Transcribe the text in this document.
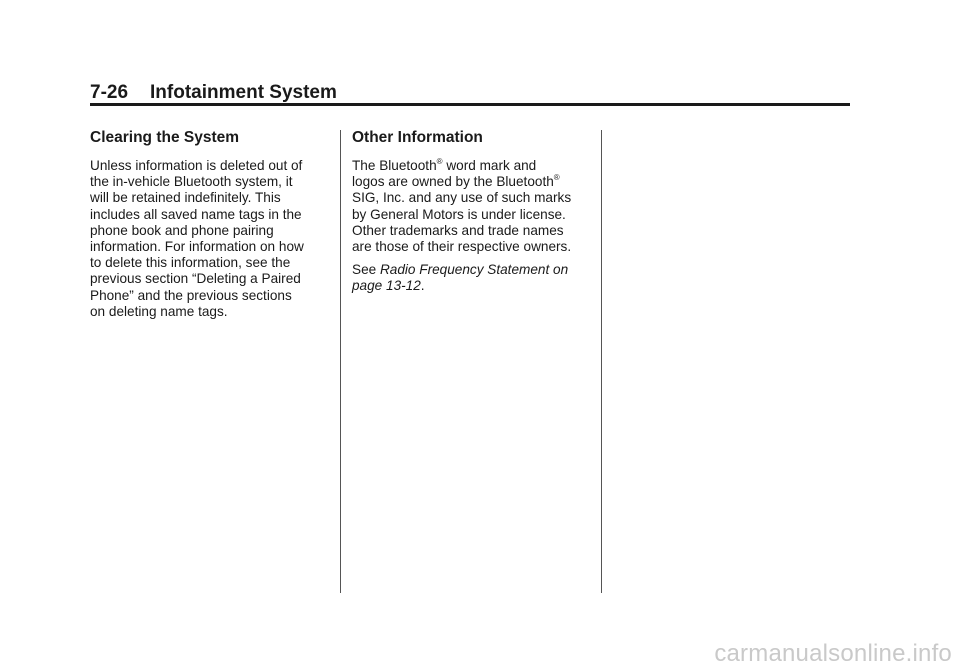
7-26 Infotainment System
Clearing the System
Unless information is deleted out of
the in-vehicle Bluetooth system, it
will be retained indefinitely. This
includes all saved name tags in the
phone book and phone pairing
information. For information on how
to delete this information, see the
previous section “Deleting a Paired
Phone” and the previous sections
on deleting name tags.
Other Information
The Bluetooth® word mark and
logos are owned by the Bluetooth®
SIG, Inc. and any use of such marks
by General Motors is under license.
Other trademarks and trade names
are those of their respective owners.
See Radio Frequency Statement on
page 13-12.
carmanualsonline.info
